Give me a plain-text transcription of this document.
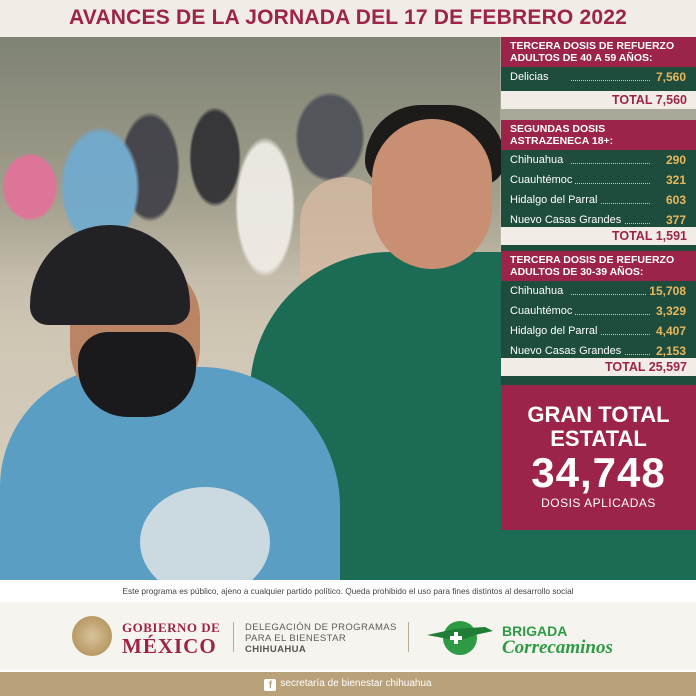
AVANCES DE LA JORNADA DEL 17 DE FEBRERO 2022
TERCERA DOSIS DE REFUERZO
ADULTOS DE 40 A 59 AÑOS:
Delicias	7,560
TOTAL 7,560
SEGUNDAS DOSIS
ASTRAZENECA 18+:
Chihuahua	290
Cuauhtémoc	321
Hidalgo del Parral	603
Nuevo Casas Grandes	377
TOTAL 1,591
TERCERA DOSIS DE REFUERZO
ADULTOS DE 30-39 AÑOS:
Chihuahua	15,708
Cuauhtémoc	3,329
Hidalgo del Parral	4,407
Nuevo Casas Grandes	2,153
TOTAL 25,597
GRAN TOTAL
ESTATAL
34,748
DOSIS APLICADAS
Este programa es público, ajeno a cualquier partido político. Queda prohibido el uso para fines distintos al desarrollo social
GOBIERNO DE
MÉXICO
DELEGACIÓN DE PROGRAMAS
PARA EL BIENESTAR
CHIHUAHUA
BRIGADA
Correcaminos
f secretaría de bienestar chihuahua
